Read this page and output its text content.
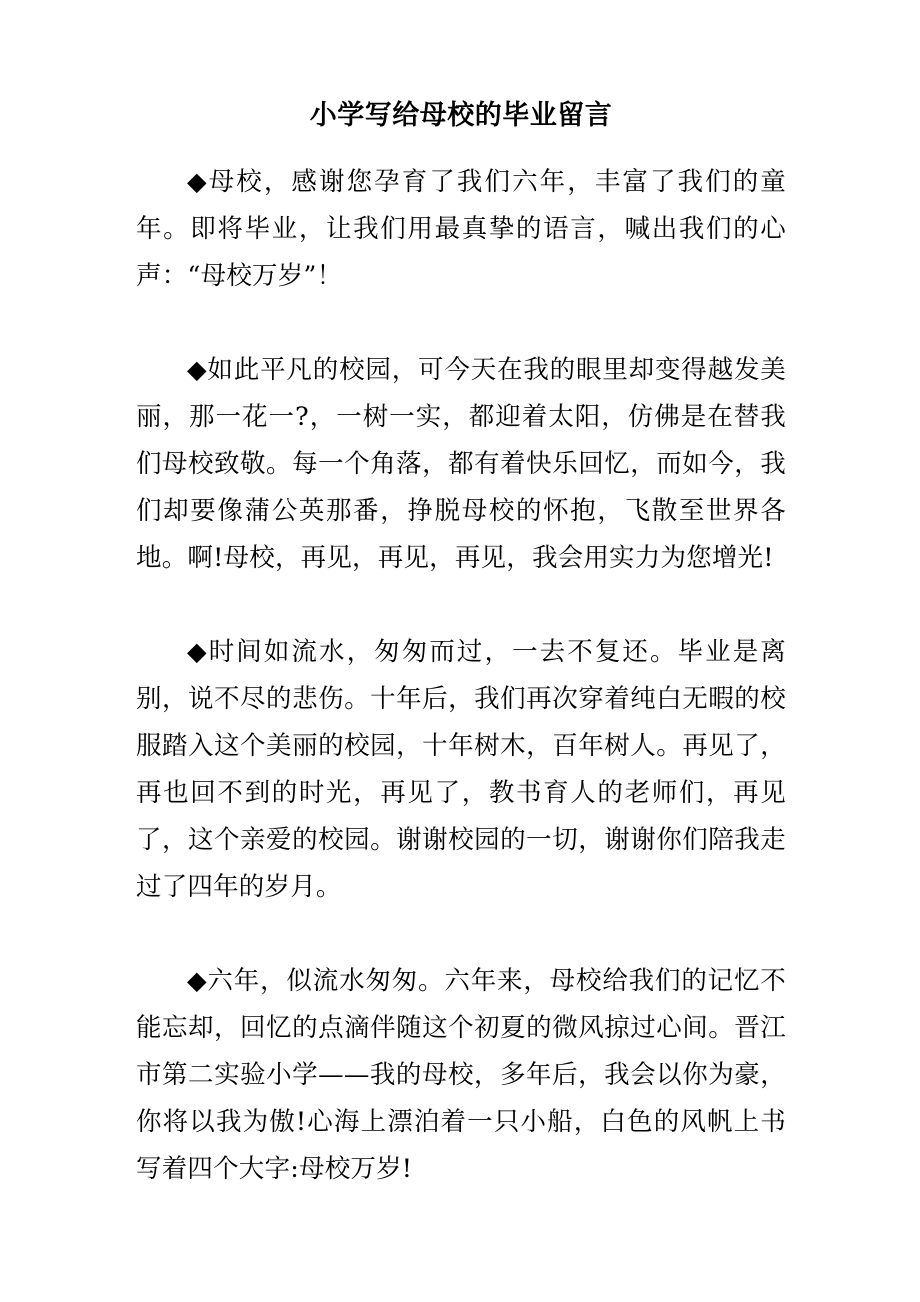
小学写给母校的毕业留言

◆母校，感谢您孕育了我们六年，丰富了我们的童年。即将毕业，让我们用最真挚的语言，喊出我们的心声：“母校万岁”！

◆如此平凡的校园，可今天在我的眼里却变得越发美丽，那一花一?，一树一实，都迎着太阳，仿佛是在替我们母校致敬。每一个角落，都有着快乐回忆，而如今，我们却要像蒲公英那番，挣脱母校的怀抱，飞散至世界各地。啊!母校，再见，再见，再见，我会用实力为您增光!

◆时间如流水，匆匆而过，一去不复还。毕业是离别，说不尽的悲伤。十年后，我们再次穿着纯白无暇的校服踏入这个美丽的校园，十年树木，百年树人。再见了，再也回不到的时光，再见了，教书育人的老师们，再见了，这个亲爱的校园。谢谢校园的一切，谢谢你们陪我走过了四年的岁月。

◆六年，似流水匆匆。六年来，母校给我们的记忆不能忘却，回忆的点滴伴随这个初夏的微风掠过心间。晋江市第二实验小学——我的母校，多年后，我会以你为豪，你将以我为傲!心海上漂泊着一只小船，白色的风帆上书写着四个大字:母校万岁!
